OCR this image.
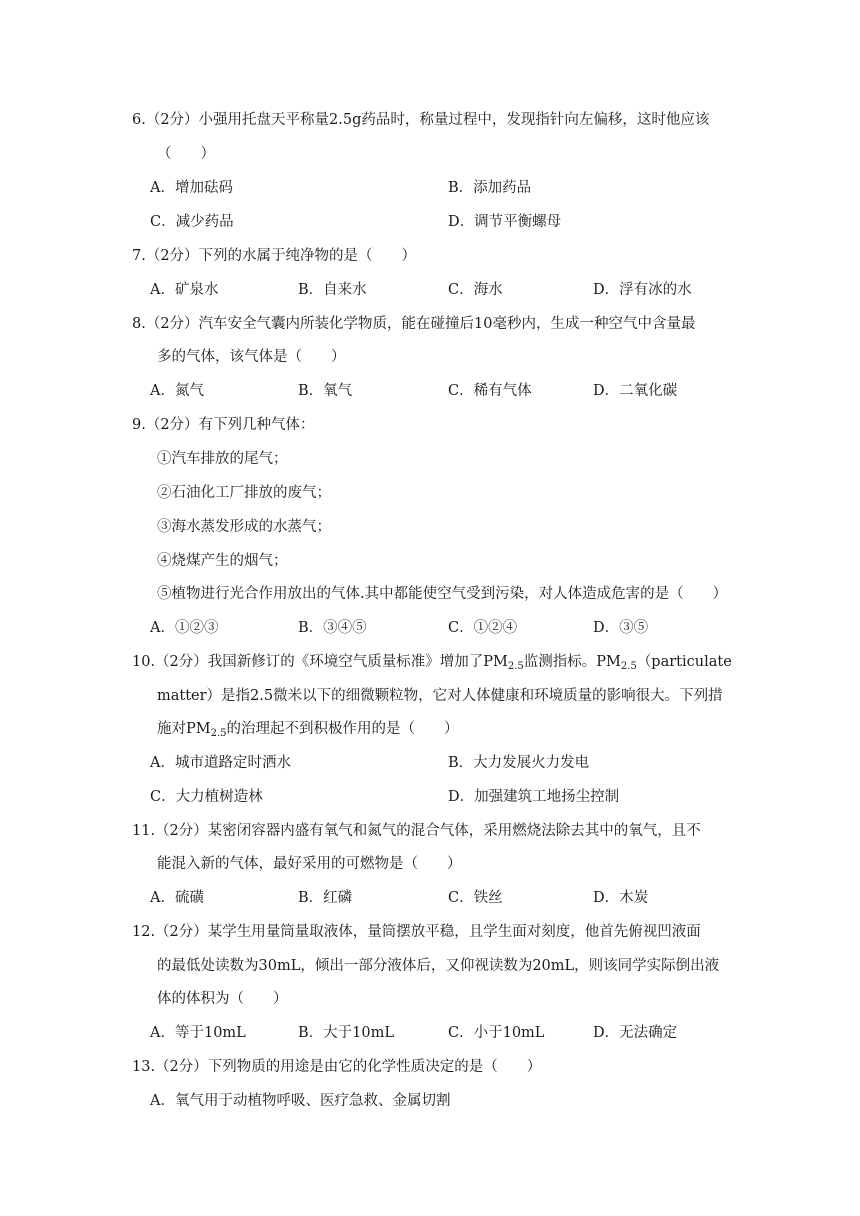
6.（2分）小强用托盘天平称量2.5g药品时，称量过程中，发现指针向左偏移，这时他应该
（　　）
A．增加砝码	B．添加药品
C．减少药品	D．调节平衡螺母
7.（2分）下列的水属于纯净物的是（　　）
A．矿泉水	B．自来水	C．海水	D．浮有冰的水
8.（2分）汽车安全气囊内所装化学物质，能在碰撞后10毫秒内，生成一种空气中含量最
多的气体，该气体是（　　）
A．氮气	B．氧气	C．稀有气体	D．二氧化碳
9.（2分）有下列几种气体：
①汽车排放的尾气；
②石油化工厂排放的废气；
③海水蒸发形成的水蒸气；
④烧煤产生的烟气；
⑤植物进行光合作用放出的气体.其中都能使空气受到污染，对人体造成危害的是（　　）
A．①②③	B．③④⑤	C．①②④	D．③⑤
10.（2分）我国新修订的《环境空气质量标准》增加了$PM_{2.5}$监测指标。$PM_{2.5}(particulate$
matter）是指2.5微米以下的细微颗粒物，它对人体健康和环境质量的影响很大。下列措
施对$PM_{2.5}$的治理起不到积极作用的是（　　）
A．城市道路定时洒水	B．大力发展火力发电
C．大力植树造林	D．加强建筑工地扬尘控制
11.（2分）某密闭容器内盛有氧气和氮气的混合气体，采用燃烧法除去其中的氧气，且不
能混入新的气体，最好采用的可燃物是（　　）
A．硫磺	B．红磷	C．铁丝	D．木炭
12.（2分）某学生用量筒量取液体，量筒摆放平稳，且学生面对刻度，他首先俯视凹液面
的最低处读数为30mL，倾出一部分液体后，又仰视读数为20mL，则该同学实际倒出液
体的体积为（　　）
A．等于10mL	B．大于10mL	C．小于10mL	D．无法确定
13.（2分）下列物质的用途是由它的化学性质决定的是（　　）
A．氧气用于动植物呼吸、医疗急救、金属切割
